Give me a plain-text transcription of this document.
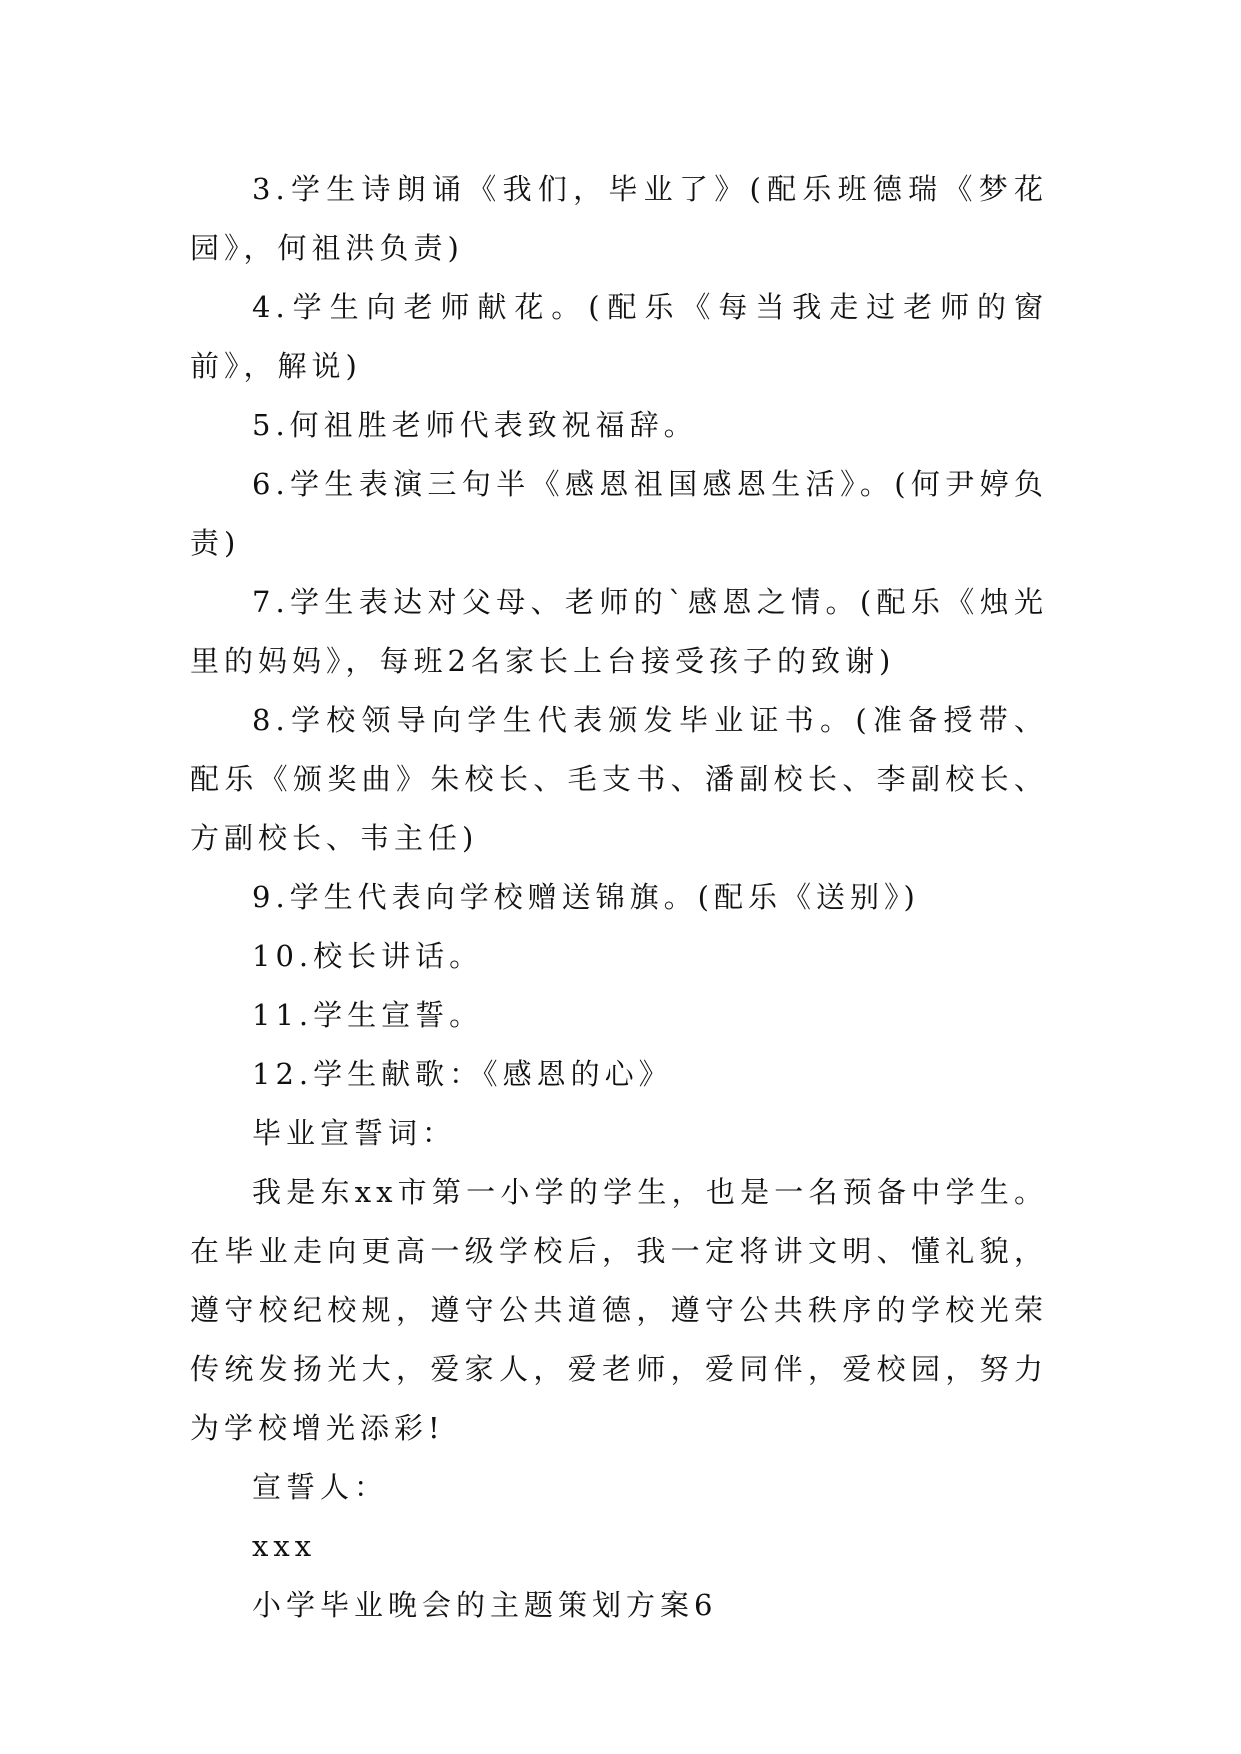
3.学生诗朗诵《我们，毕业了》(配乐班德瑞《梦花园》，何祖洪负责)

4.学生向老师献花。(配乐《每当我走过老师的窗前》，解说)

5.何祖胜老师代表致祝福辞。

6.学生表演三句半《感恩祖国感恩生活》。(何尹婷负责)

7.学生表达对父母、老师的`感恩之情。(配乐《烛光里的妈妈》，每班2名家长上台接受孩子的致谢)

8.学校领导向学生代表颁发毕业证书。(准备授带、配乐《颁奖曲》朱校长、毛支书、潘副校长、李副校长、方副校长、韦主任)

9.学生代表向学校赠送锦旗。(配乐《送别》)

10.校长讲话。

11.学生宣誓。

12.学生献歌：《感恩的心》

毕业宣誓词：

我是东xx市第一小学的学生，也是一名预备中学生。在毕业走向更高一级学校后，我一定将讲文明、懂礼貌，遵守校纪校规，遵守公共道德，遵守公共秩序的学校光荣传统发扬光大，爱家人，爱老师，爱同伴，爱校园，努力为学校增光添彩!

宣誓人：

xxx

小学毕业晚会的主题策划方案6
